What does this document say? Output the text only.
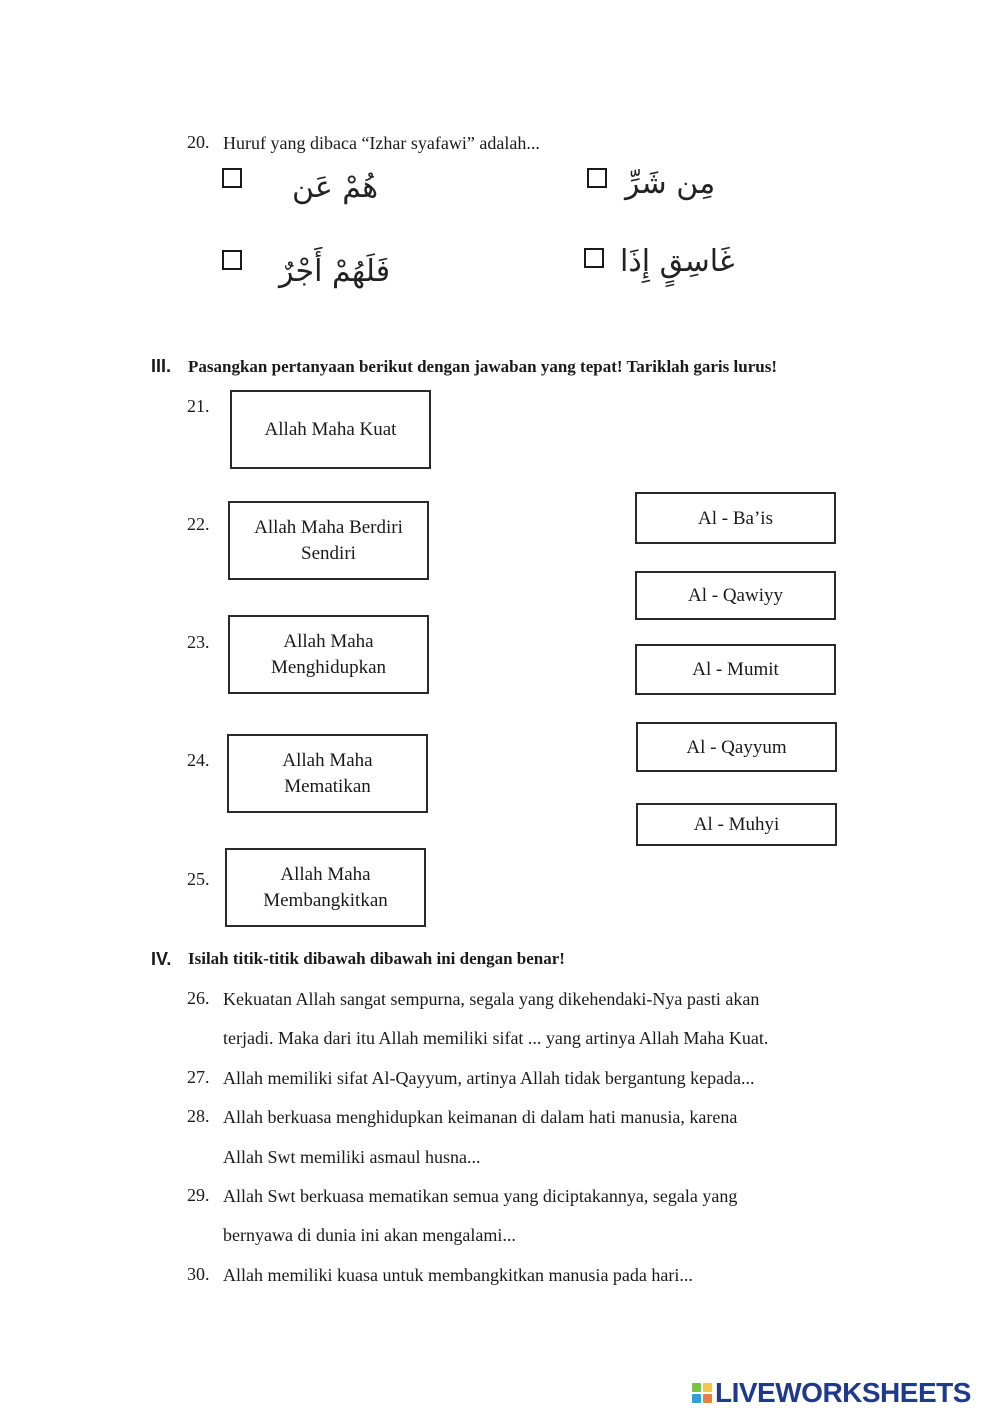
20. Huruf yang dibaca “Izhar syafawi” adalah...
هُمْ عَن	مِن شَرِّ
فَلَهُمْ أَجْرٌ	غَاسِقٍ إِذَا
III. Pasangkan pertanyaan berikut dengan jawaban yang tepat! Tariklah garis lurus!
21.
Allah Maha Kuat
22. Allah Maha Berdiri
Sendiri
23.	Allah Maha
Menghidupkan
24.	Allah Maha
Mematikan
25.	Allah Maha
Membangkitkan
Al - Ba’is
Al - Qawiyy
Al - Mumit
Al - Qayyum
Al - Muhyi
IV. Isilah titik-titik dibawah dibawah ini dengan benar!
26. Kekuatan Allah sangat sempurna, segala yang dikehendaki-Nya pasti akan
terjadi. Maka dari itu Allah memiliki sifat ... yang artinya Allah Maha Kuat.
27. Allah memiliki sifat Al-Qayyum, artinya Allah tidak bergantung kepada...
28. Allah berkuasa menghidupkan keimanan di dalam hati manusia, karena
Allah Swt memiliki asmaul husna...
29. Allah Swt berkuasa mematikan semua yang diciptakannya, segala yang
bernyawa di dunia ini akan mengalami...
30. Allah memiliki kuasa untuk membangkitkan manusia pada hari...
LIVEWORKSHEETS
